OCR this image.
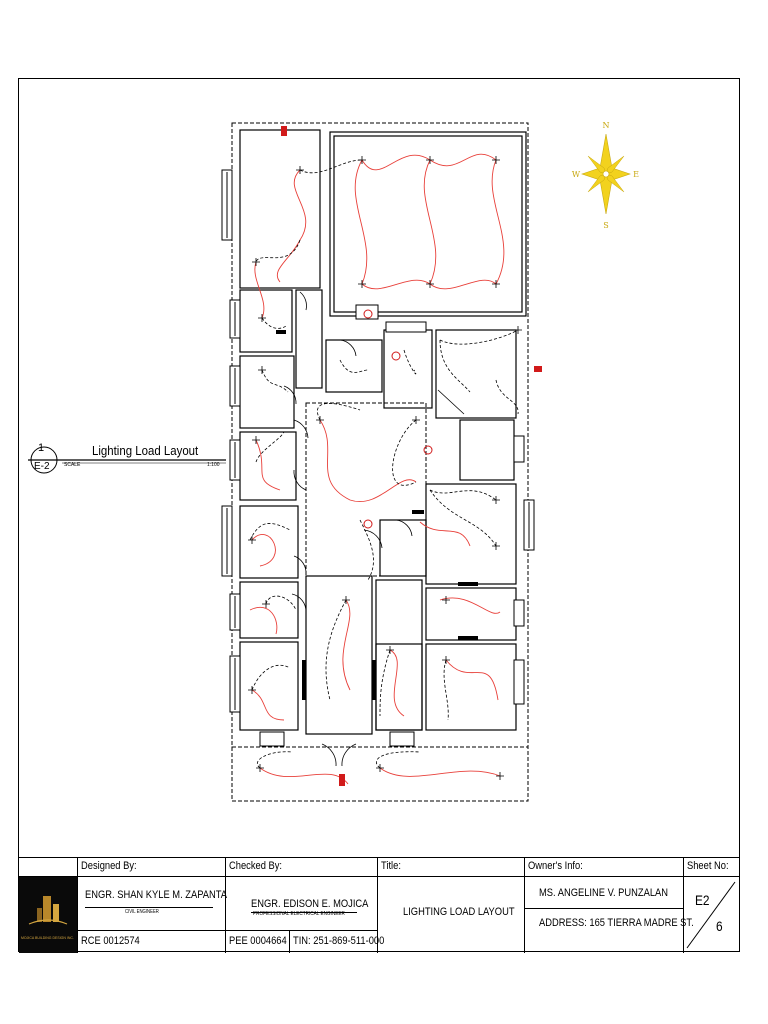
N
S
W	E
1
E-2
Lighting Load Layout
SCALE	1:100
MOJICA BUILDING DESIGN INC.
Designed By:
ENGR. SHAN KYLE M. ZAPANTA
CIVIL ENGINEER
RCE 0012574
Checked By:
ENGR. EDISON E. MOJICA
PROFESSIONAL ELECTRICAL ENGINEER
PEE 0004664 TIN: 251-869-511-000
Title:
LIGHTING LOAD LAYOUT
Owner's Info:
MS. ANGELINE V. PUNZALAN
ADDRESS: 165 TIERRA MADRE ST.
Sheet No:
E2
6
